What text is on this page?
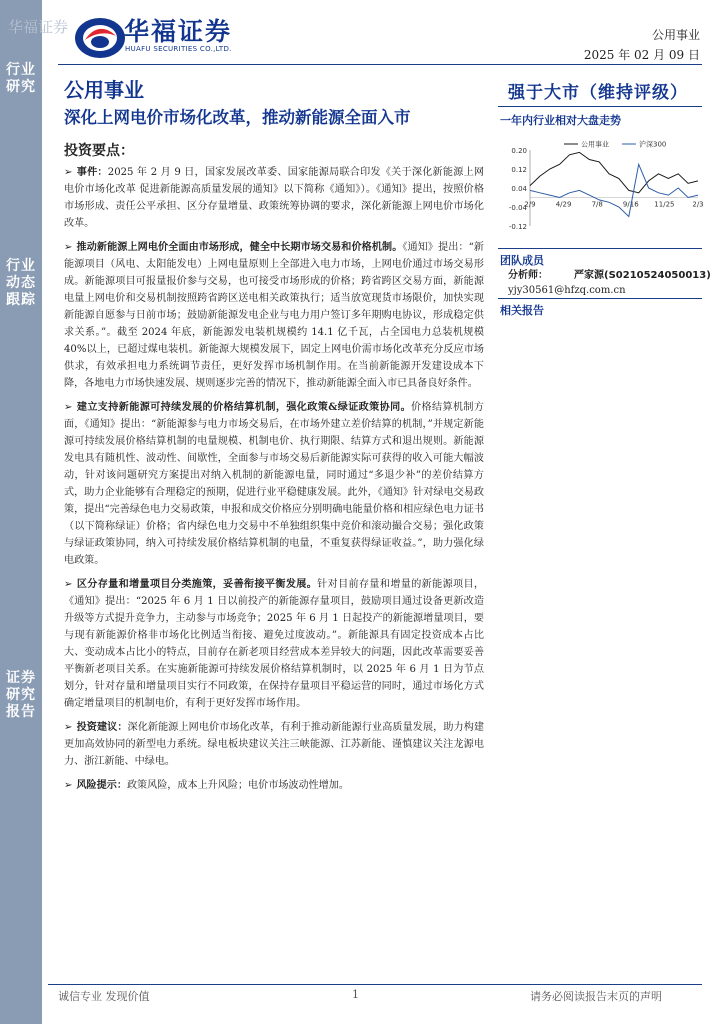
行业研究
行业动态跟踪
证券研究报告
华福证券 华福证券
HUAFU SECURITIES CO.,LTD.
公用事业
2025 年 02 月 09 日
公用事业
深化上网电价市场化改革，推动新能源全面入市
投资要点：
➢ 事件：2025 年 2 月 9 日，国家发展改革委、国家能源局联合印发《关于深化新能源上网电价市场化改革 促进新能源高质量发展的通知》以下简称《通知》）。《通知》提出，按照价格市场形成、责任公平承担、区分存量增量、政策统筹协调的要求，深化新能源上网电价市场化改革。
➢ 推动新能源上网电价全面由市场形成，健全中长期市场交易和价格机制。《通知》提出：“新能源项目（风电、太阳能发电）上网电量原则上全部进入电力市场，上网电价通过市场交易形成。新能源项目可报量报价参与交易，也可接受市场形成的价格；跨省跨区交易方面，新能源电量上网电价和交易机制按照跨省跨区送电相关政策执行；适当放宽现货市场限价，加快实现新能源自愿参与日前市场；鼓励新能源发电企业与电力用户签订多年期购电协议，形成稳定供求关系。”。截至 2024 年底，新能源发电装机规模约 14.1 亿千瓦，占全国电力总装机规模 40%以上，已超过煤电装机。新能源大规模发展下，固定上网电价需市场化改革充分反应市场供求，有效承担电力系统调节责任，更好发挥市场机制作用。在当前新能源开发建设成本下降，各地电力市场快速发展、规则逐步完善的情况下，推动新能源全面入市已具备良好条件。
➢ 建立支持新能源可持续发展的价格结算机制，强化政策&绿证政策协同。价格结算机制方面，《通知》提出：“新能源参与电力市场交易后，在市场外建立差价结算的机制，”并规定新能源可持续发展价格结算机制的电量规模、机制电价、执行期限、结算方式和退出规则。新能源发电具有随机性、波动性、间歇性，全面参与市场交易后新能源实际可获得的收入可能大幅波动，针对该问题研究方案提出对纳入机制的新能源电量，同时通过“多退少补”的差价结算方式，助力企业能够有合理稳定的预期，促进行业平稳健康发展。此外，《通知》针对绿电交易政策，提出“完善绿色电力交易政策，申报和成交价格应分别明确电能量价格和相应绿色电力证书（以下简称绿证）价格；省内绿色电力交易中不单独组织集中竞价和滚动撮合交易；强化政策与绿证政策协同，纳入可持续发展价格结算机制的电量，不重复获得绿证收益。”，助力强化绿电政策。
➢ 区分存量和增量项目分类施策，妥善衔接平衡发展。针对目前存量和增量的新能源项目，《通知》提出：“2025 年 6 月 1 日以前投产的新能源存量项目，鼓励项目通过设备更新改造升级等方式提升竞争力，主动参与市场竞争；2025 年 6 月 1 日起投产的新能源增量项目，要与现有新能源价格非市场化比例适当衔接、避免过度波动。”。新能源具有固定投资成本占比大、变动成本占比小的特点，目前存在新老项目经营成本差异较大的问题，因此改革需要妥善平衡新老项目关系。在实施新能源可持续发展价格结算机制时，以 2025 年 6 月 1 日为节点划分，针对存量和增量项目实行不同政策，在保持存量项目平稳运营的同时，通过市场化方式确定增量项目的机制电价，有利于更好发挥市场作用。
➢ 投资建议：深化新能源上网电价市场化改革，有利于推动新能源行业高质量发展，助力构建更加高效协同的新型电力系统。绿电板块建议关注三峡能源、江苏新能、谨慎建议关注龙源电力、浙江新能、中绿电。
➢ 风险提示：政策风险，成本上升风险；电价市场波动性增加。
强于大市（维持评级）
一年内行业相对大盘走势
0.20
0.12
0.04
-0.04
-0.12
2/9	4/29	7/8	9/16 11/25	2/3
公用事业	沪深300
团队成员
分析师：	严家源(S0210524050013)
yjy30561@hfzq.com.cn
相关报告
诚信专业 发现价值	1	请务必阅读报告末页的声明
